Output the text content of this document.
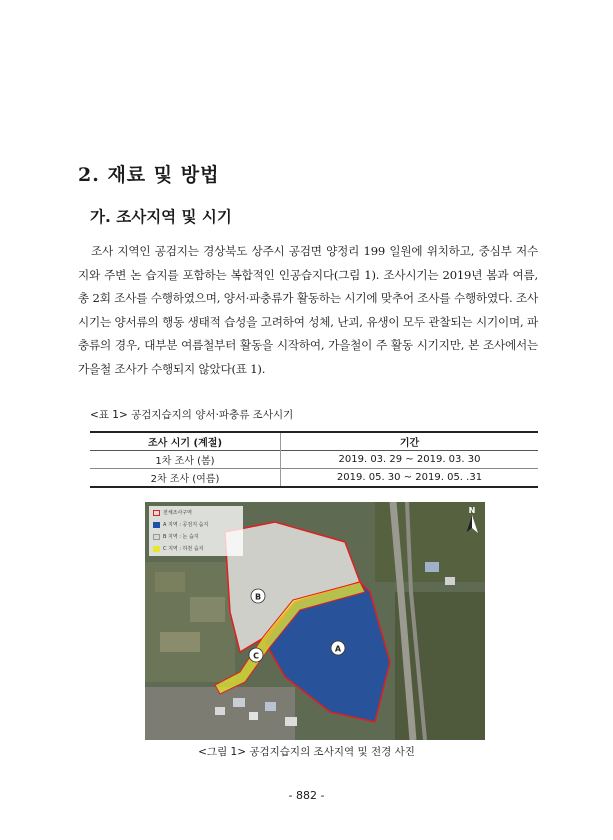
2. 재료 및 방법
가. 조사지역 및 시기

조사 지역인 공검지는 경상북도 상주시 공검면 양정리 199 일원에 위치하고, 중심부 저수지와 주변 논 습지를 포함하는 복합적인 인공습지다(그림 1). 조사시기는 2019년 봄과 여름, 총 2회 조사를 수행하였으며, 양서·파충류가 활동하는 시기에 맞추어 조사를 수행하였다. 조사 시기는 양서류의 행동 생태적 습성을 고려하여 성체, 난괴, 유생이 모두 관찰되는 시기이며, 파충류의 경우, 대부분 여름철부터 활동을 시작하여, 가을철이 주 활동 시기지만, 본 조사에서는 가을철 조사가 수행되지 않았다(표 1).

<표 1> 공검지습지의 양서·파충류 조사시기
조사 시기 (계절)	기간
1차 조사 (봄)	2019. 03. 29 ~ 2019. 03. 30
2차 조사 (여름)	2019. 05. 30 ~ 2019. 05. .31
B
C
A
전체조사구역
A 지역 : 공검지 습지
B 지역 : 논 습지
C 지역 : 하천 습지
N
<그림 1> 공검지습지의 조사지역 및 전경 사진
- 882 -
